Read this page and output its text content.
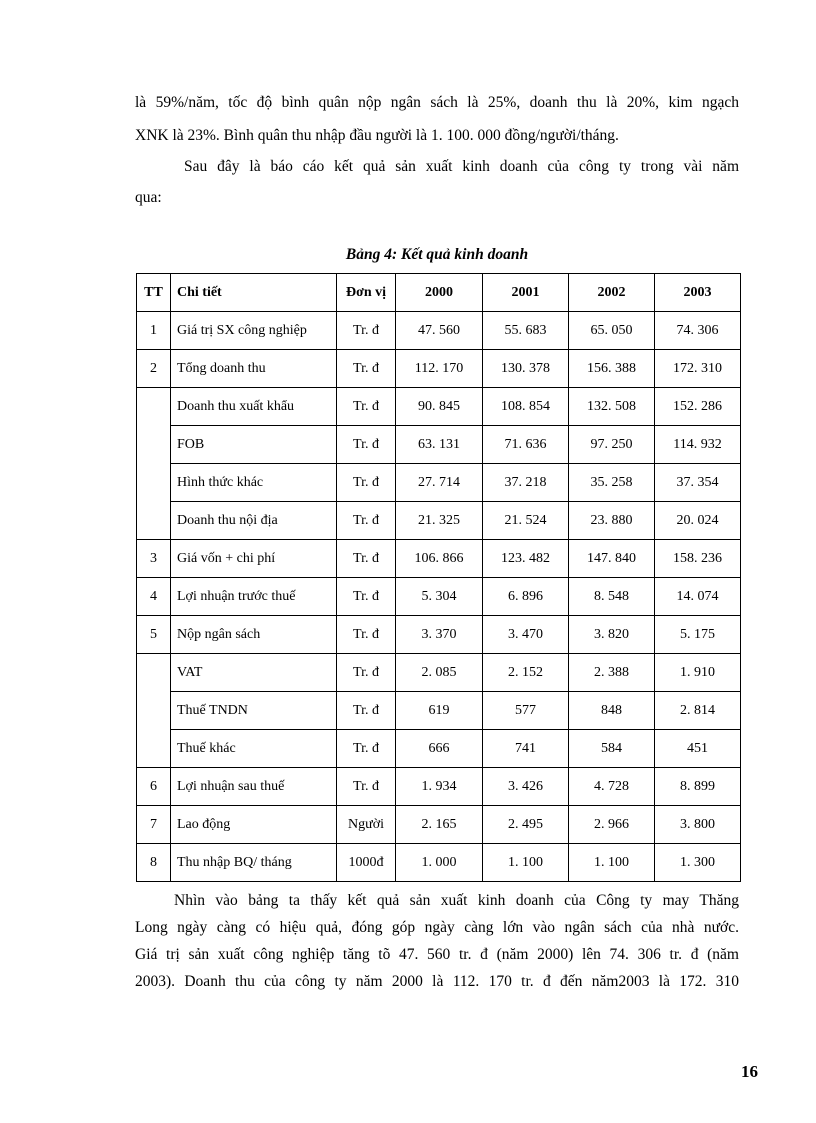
là 59%/năm, tốc độ bình quân nộp ngân sách là 25%, doanh thu là 20%, kim ngạch
XNK là 23%. Bình quân thu nhập đầu người là 1. 100. 000 đồng/người/tháng.
Sau đây là báo cáo kết quả sản xuất kinh doanh của công ty trong vài năm
qua:
Bảng 4: Kết quả kinh doanh
TT	Chi tiết	Đơn vị	2000	2001	2002	2003
1	Giá trị SX công nghiệp	Tr. đ	47. 560	55. 683	65. 050	74. 306
2	Tổng doanh thu	Tr. đ	112. 170	130. 378	156. 388	172. 310
	Doanh thu xuất khẩu	Tr. đ	90. 845	108. 854	132. 508	152. 286
	FOB	Tr. đ	63. 131	71. 636	97. 250	114. 932
	Hình thức khác	Tr. đ	27. 714	37. 218	35. 258	37. 354
	Doanh thu nội địa	Tr. đ	21. 325	21. 524	23. 880	20. 024
3	Giá vốn + chi phí	Tr. đ	106. 866	123. 482	147. 840	158. 236
4	Lợi nhuận trước thuế	Tr. đ	5. 304	6. 896	8. 548	14. 074
5	Nộp ngân sách	Tr. đ	3. 370	3. 470	3. 820	5. 175
	VAT	Tr. đ	2. 085	2. 152	2. 388	1. 910
	Thuế TNDN	Tr. đ	619	577	848	2. 814
	Thuế khác	Tr. đ	666	741	584	451
6	Lợi nhuận sau thuế	Tr. đ	1. 934	3. 426	4. 728	8. 899
7	Lao động	Người	2. 165	2. 495	2. 966	3. 800
8	Thu nhập BQ/ tháng	1000đ	1. 000	1. 100	1. 100	1. 300
Nhìn vào bảng ta thấy kết quả sản xuất kinh doanh của Công ty may Thăng
Long ngày càng có hiệu quả, đóng góp ngày càng lớn vào ngân sách của nhà nước.
Giá trị sản xuất công nghiệp tăng tõ 47. 560 tr. đ (năm 2000) lên 74. 306 tr. đ (năm
2003). Doanh thu của công ty năm 2000 là 112. 170 tr. đ đến năm2003 là 172. 310
16
